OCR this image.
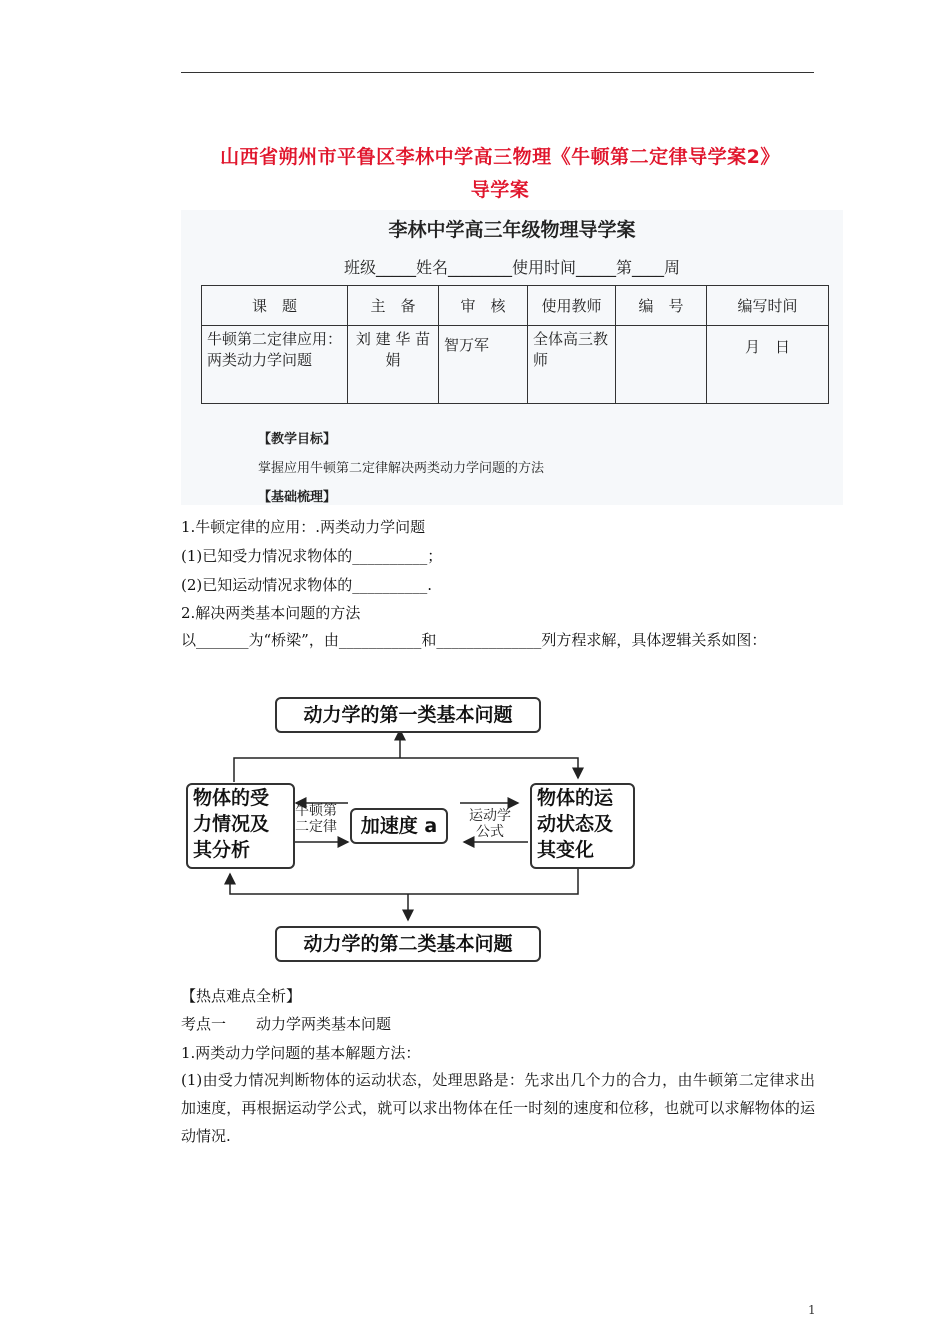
山西省朔州市平鲁区李林中学高三物理《牛顿第二定律导学案2》
导学案
李林中学高三年级物理导学案
班级_____姓名________使用时间_____第____周
课　题	主　备	审　核	使用教师	编　号	编写时间
牛顿第二定律应用：两类动力学问题	刘 建 华 苗娟	智万军	全体高三教师		月　日
【教学目标】
掌握应用牛顿第二定律解决两类动力学问题的方法
【基础梳理】
1.牛顿定律的应用：.两类动力学问题
(1)已知受力情况求物体的__________；
(2)已知运动情况求物体的__________.
2.解决两类基本问题的方法
以_______为“桥梁”，由___________和______________列方程求解，具体逻辑关系如图：
动力学的第一类基本问题
物体的受
力情况及
其分析
牛顿第
二定律	加速度 a	运动学
公式
物体的运
动状态及
其变化
动力学的第二类基本问题
【热点难点全析】
考点一　　动力学两类基本问题
1.两类动力学问题的基本解题方法：
(1)由受力情况判断物体的运动状态，处理思路是：先求出几个力的合力，由牛顿第二定律求出加速度，再根据运动学公式，就可以求出物体在任一时刻的速度和位移，也就可以求解物体的运动情况.
1
